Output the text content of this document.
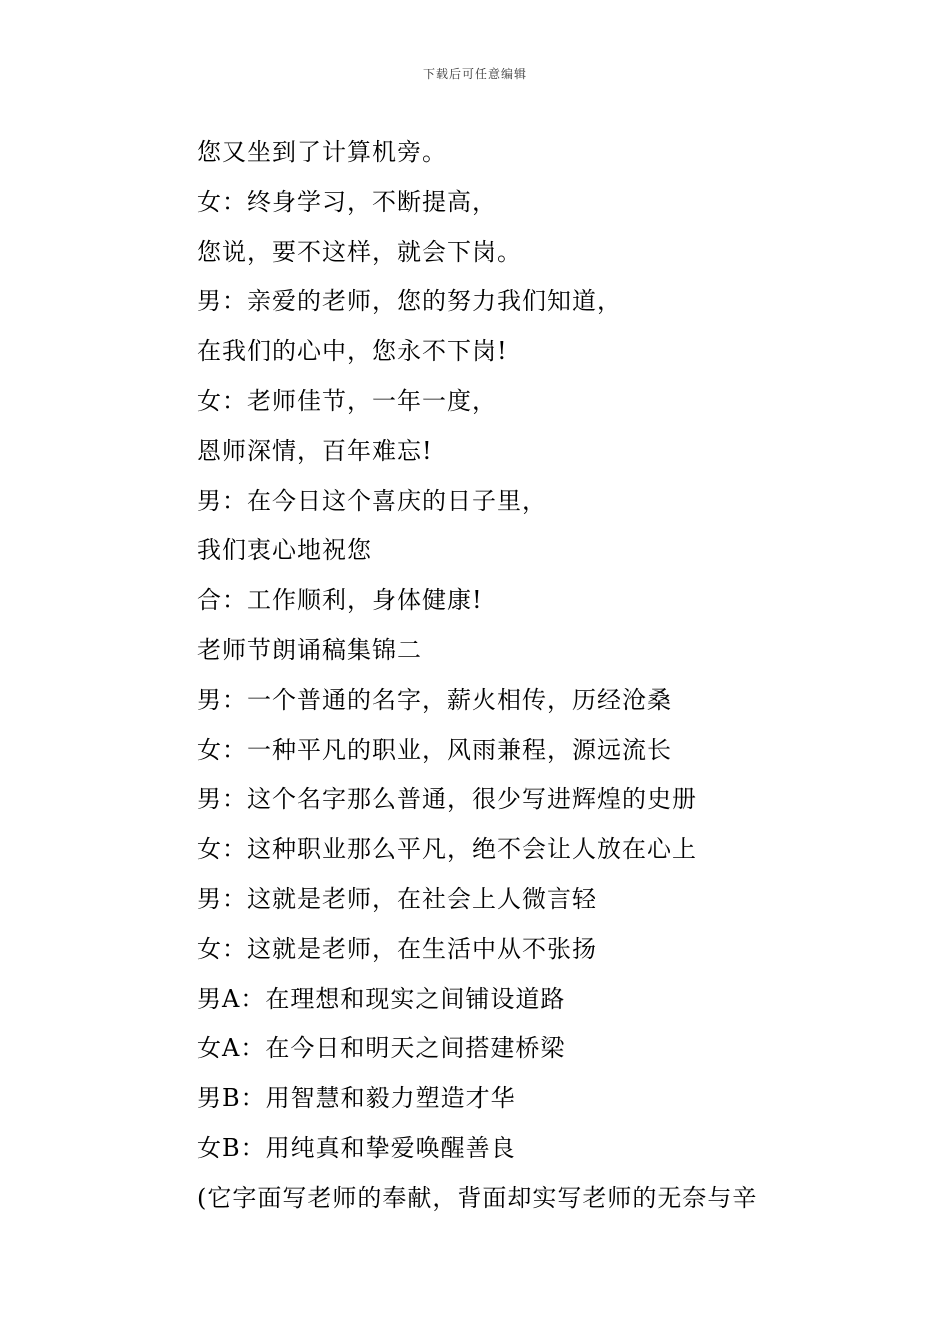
下载后可任意编辑
您又坐到了计算机旁。
女：终身学习，不断提高，
您说，要不这样，就会下岗。
男：亲爱的老师，您的努力我们知道，
在我们的心中，您永不下岗!
女：老师佳节，一年一度，
恩师深情，百年难忘!
男：在今日这个喜庆的日子里，
我们衷心地祝您
合：工作顺利，身体健康!
老师节朗诵稿集锦二
男：一个普通的名字，薪火相传，历经沧桑
女：一种平凡的职业，风雨兼程，源远流长
男：这个名字那么普通，很少写进辉煌的史册
女：这种职业那么平凡，绝不会让人放在心上
男：这就是老师，在社会上人微言轻
女：这就是老师，在生活中从不张扬
男A：在理想和现实之间铺设道路
女A：在今日和明天之间搭建桥梁
男B：用智慧和毅力塑造才华
女B：用纯真和挚爱唤醒善良
(它字面写老师的奉献，背面却实写老师的无奈与辛
